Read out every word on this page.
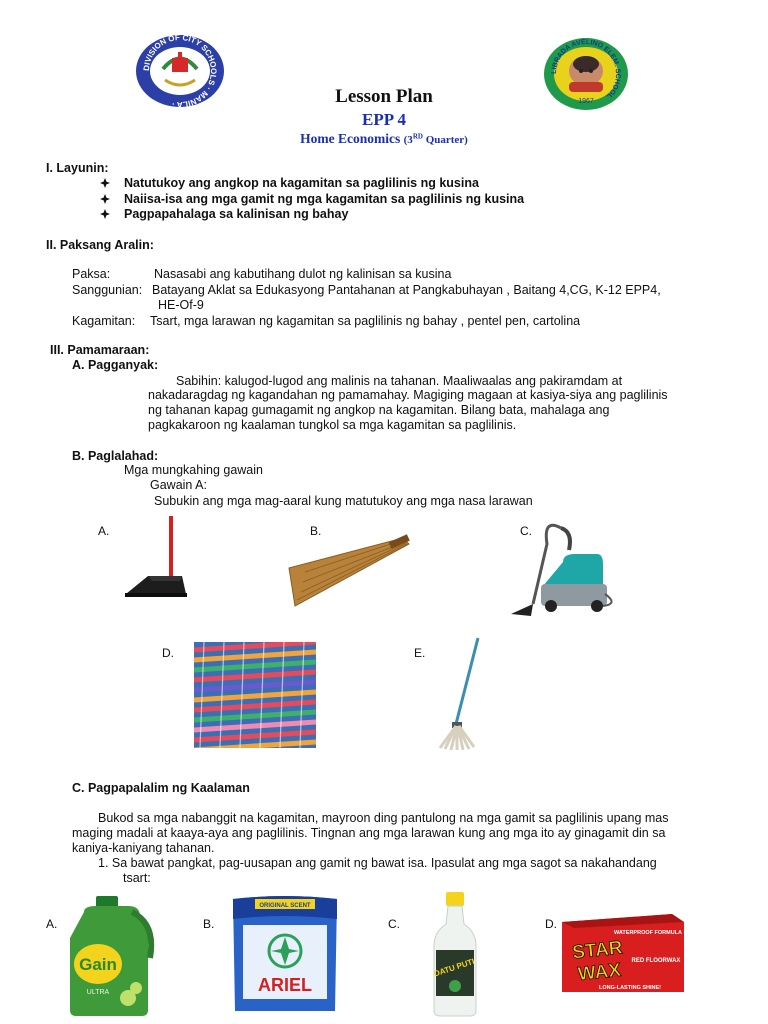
DIVISION OF CITY SCHOOLS · MANILA ·
LIBRADA AVELINO ELEM. SCHOOL
1967
Lesson Plan
EPP 4
Home Economics (3RD Quarter)
I. Layunin:
Natutukoy ang angkop na kagamitan sa paglilinis ng kusina
Naiisa-isa ang mga gamit ng mga kagamitan sa paglilinis ng kusina
Pagpapahalaga sa kalinisan ng bahay
II. Paksang Aralin:
Paksa:	Nasasabi ang kabutihang dulot ng kalinisan sa kusina
Sanggunian: Batayang Aklat sa Edukasyong Pantahanan at Pangkabuhayan , Baitang 4,CG, K-12 EPP4,
HE-Of-9
Kagamitan: Tsart, mga larawan ng kagamitan sa paglilinis ng bahay , pentel pen, cartolina
III. Pamamaraan:
A. Pagganyak:
Sabihin: kalugod-lugod ang malinis na tahanan. Maaliwaalas ang pakiramdam at
nakadaragdag ng kagandahan ng pamamahay. Magiging magaan at kasiya-siya ang paglilinis
ng tahanan kapag gumagamit ng angkop na kagamitan. Bilang bata, mahalaga ang
pagkakaroon ng kaalaman tungkol sa mga kagamitan sa paglilinis.
B. Paglalahad:
Mga mungkahing gawain
Gawain A:
Subukin ang mga mag-aaral kung matutukoy ang mga nasa larawan
A.	B.	C.
D.	E.
C. Pagpapalalim ng Kaalaman
Bukod sa mga nabanggit na kagamitan, mayroon ding pantulong na mga gamit sa paglilinis upang mas
maging madali at kaaya-aya ang paglilinis. Tingnan ang mga larawan kung ang mga ito ay ginagamit din sa
kaniya-kaniyang tahanan.
1. Sa bawat pangkat, pag-uusapan ang gamit ng bawat isa. Ipasulat ang mga sagot sa nakahandang
tsart:
A.	B.	C.	D.
Gain
ULTRA
ORIGINAL SCENT
ARIEL
DATU PUTI
WATERPROOF FORMULA
STAR
WAX RED FLOORWAX
LONG-LASTING SHINE!
